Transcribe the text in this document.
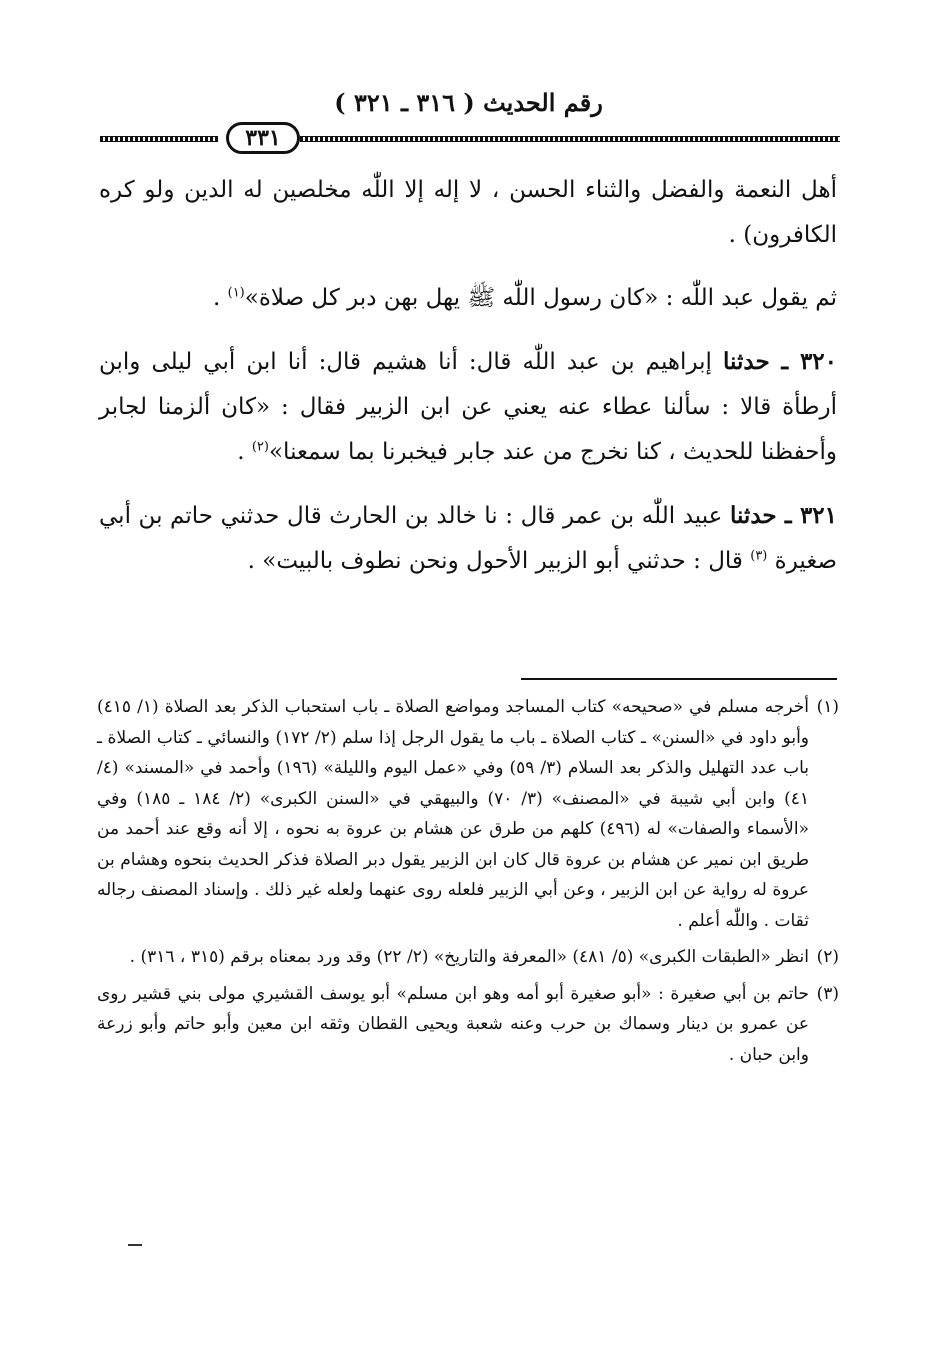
رقم الحديث ( ٣١٦ ـ ٣٢١ )
٣٣١

أهل النعمة والفضل والثناء الحسن ، لا إله إلا اللّٰه مخلصين له الدين ولو كره الكافرون) .

ثم يقول عبد اللّٰه : «كان رسول اللّٰه ﷺ يهل بهن دبر كل صلاة»$^{(١)}$ .

٣٢٠ ـ حدثنا إبراهيم بن عبد اللّٰه قال: أنا هشيم قال: أنا ابن أبي ليلى وابن أرطأة قالا : سألنا عطاء عنه يعني عن ابن الزبير فقال : «كان ألزمنا لجابر وأحفظنا للحديث ، كنا نخرج من عند جابر فيخبرنا بما سمعنا»$^{(٢)}$ .

٣٢١ ـ حدثنا عبيد اللّٰه بن عمر قال : نا خالد بن الحارث قال حدثني حاتم بن أبي صغيرة $^{(٣)}$ قال : حدثني أبو الزبير الأحول ونحن نطوف بالبيت» .

(١)
أخرجه مسلم في «صحيحه» كتاب المساجد ومواضع الصلاة ـ باب استحباب الذكر بعد الصلاة (١/ ٤١٥) وأبو داود في «السنن» ـ كتاب الصلاة ـ باب ما يقول الرجل إذا سلم (٢/ ١٧٢) والنسائي ـ كتاب الصلاة ـ باب عدد التهليل والذكر بعد السلام (٣/ ٥٩) وفي «عمل اليوم والليلة» (١٩٦) وأحمد في «المسند» (٤/ ٤١) وابن أبي شيبة في «المصنف» (٣/ ٧٠) والبيهقي في «السنن الكبرى» (٢/ ١٨٤ ـ ١٨٥) وفي «الأسماء والصفات» له (٤٩٦) كلهم من طرق عن هشام بن عروة به نحوه ، إلا أنه وقع عند أحمد من طريق ابن نمير عن هشام بن عروة قال كان ابن الزبير يقول دبر الصلاة فذكر الحديث بنحوه وهشام بن عروة له رواية عن ابن الزبير ، وعن أبي الزبير فلعله روى عنهما ولعله غير ذلك . وإسناد المصنف رجاله ثقات . واللّٰه أعلم .

(٢)
انظر «الطبقات الكبرى» (٥/ ٤٨١) «المعرفة والتاريخ» (٢/ ٢٢) وقد ورد بمعناه برقم (٣١٥ ، ٣١٦) .

(٣)
حاتم بن أبي صغيرة : «أبو صغيرة أبو أمه وهو ابن مسلم» أبو يوسف القشيري مولى بني قشير روى عن عمرو بن دينار وسماك بن حرب وعنه شعبة ويحيى القطان وثقه ابن معين وأبو حاتم وأبو زرعة وابن حبان .
